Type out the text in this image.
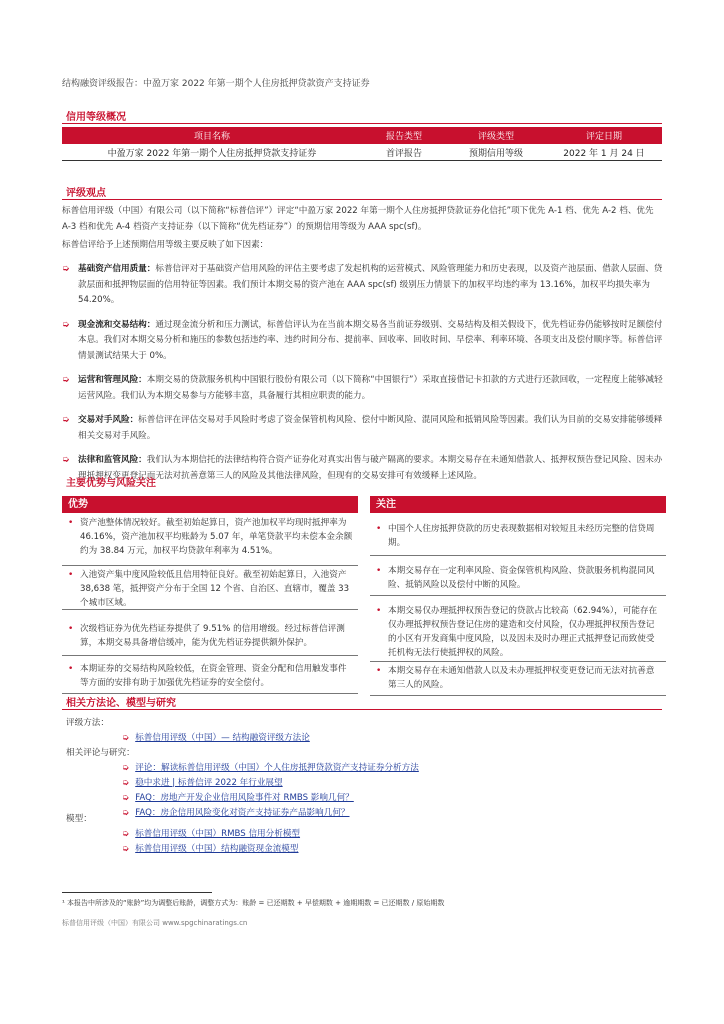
结构融资评级报告：中盈万家 2022 年第一期个人住房抵押贷款资产支持证券
信用等级概况
项目名称	报告类型	评级类型	评定日期
中盈万家 2022 年第一期个人住房抵押贷款支持证券	首评报告	预期信用等级	2022 年 1 月 24 日
评级观点
标普信用评级（中国）有限公司（以下简称“标普信评”）评定“中盈万家 2022 年第一期个人住房抵押贷款证券化信托”项下优先 A-1 档、优先 A-2 档、优先 A-3 档和优先 A-4 档资产支持证券（以下简称“优先档证券”）的预期信用等级为 AAA spc(sf)。
标普信评给予上述预期信用等级主要反映了如下因素：
➭ 基础资产信用质量：标普信评对于基础资产信用风险的评估主要考虑了发起机构的运营模式、风险管理能力和历史表现，以及资产池层面、借款人层面、贷款层面和抵押物层面的信用特征等因素。我们预计本期交易的资产池在 AAA spc(sf) 级别压力情景下的加权平均违约率为 13.16%，加权平均损失率为 54.20%。
➭ 现金流和交易结构：通过现金流分析和压力测试，标普信评认为在当前本期交易各当前证券级别、交易结构及相关假设下，优先档证券仍能够按时足额偿付本息。我们对本期交易分析和施压的参数包括违约率、违约时间分布、提前率、回收率、回收时间、早偿率、利率环境、各项支出及偿付顺序等。标普信评情景测试结果大于 0%。
➭ 运营和管理风险：本期交易的贷款服务机构中国银行股份有限公司（以下简称“中国银行”）采取直接借记卡扣款的方式进行还款回收，一定程度上能够减轻运营风险。我们认为本期交易参与方能够丰富，具备履行其相应职责的能力。
➭ 交易对手风险：标普信评在评估交易对手风险时考虑了资金保管机构风险、偿付中断风险、混同风险和抵销风险等因素。我们认为目前的交易安排能够缓释相关交易对手风险。
➭ 法律和监管风险：我们认为本期信托的法律结构符合资产证券化对真实出售与破产隔离的要求。本期交易存在未通知借款人、抵押权预告登记风险、因未办理抵押权变更登记而无法对抗善意第三人的风险及其他法律风险，但现有的交易安排可有效缓释上述风险。
主要优势与风险关注
优势	关注
• 资产池整体情况较好。截至初始起算日，资产池加权平均现时抵押率为 46.16%，资产池加权平均账龄为 5.07 年，单笔贷款平均未偿本金余额约为 38.84 万元，加权平均贷款年利率为 4.51%。
• 入池资产集中度风险较低且信用特征良好。截至初始起算日，入池资产 38,638 笔，抵押资产分布于全国 12 个省、自治区、直辖市，覆盖 33 个城市区域。
• 次级档证券为优先档证券提供了 9.51% 的信用增级。经过标普信评测算，本期交易具备增信缓冲，能为优先档证券提供额外保护。
• 本期证券的交易结构风险较低，在资金管理、资金分配和信用触发事件等方面的安排有助于加强优先档证券的安全偿付。
• 中国个人住房抵押贷款的历史表现数据相对较短且未经历完整的信贷周期。
• 本期交易存在一定利率风险、资金保管机构风险、贷款服务机构混同风险、抵销风险以及偿付中断的风险。
• 本期交易仅办理抵押权预告登记的贷款占比较高（62.94%），可能存在仅办理抵押权预告登记住房的建造和交付风险，仅办理抵押权预告登记的小区有开发商集中度风险，以及因未及时办理正式抵押登记而致使受托机构无法行使抵押权的风险。
• 本期交易存在未通知借款人以及未办理抵押权变更登记而无法对抗善意第三人的风险。
相关方法论、模型与研究
评级方法：
➭ 标普信用评级（中国）— 结构融资评级方法论
相关评论与研究：
➭ 评论：解读标普信用评级（中国）个人住房抵押贷款资产支持证券分析方法
➭ 稳中求进 | 标普信评 2022 年行业展望
➭ FAQ：房地产开发企业信用风险事件对 RMBS 影响几何？
➭ FAQ：房企信用风险变化对资产支持证券产品影响几何？
模型：
➭ 标普信用评级（中国）RMBS 信用分析模型
➭ 标普信用评级（中国）结构融资现金流模型
¹ 本报告中所涉及的“账龄”均为调整后账龄，调整方式为：账龄 = 已还期数 + 早偿期数 + 逾期期数 = 已还期数 / 原始期数
标普信用评级（中国）有限公司 www.spgchinaratings.cn
